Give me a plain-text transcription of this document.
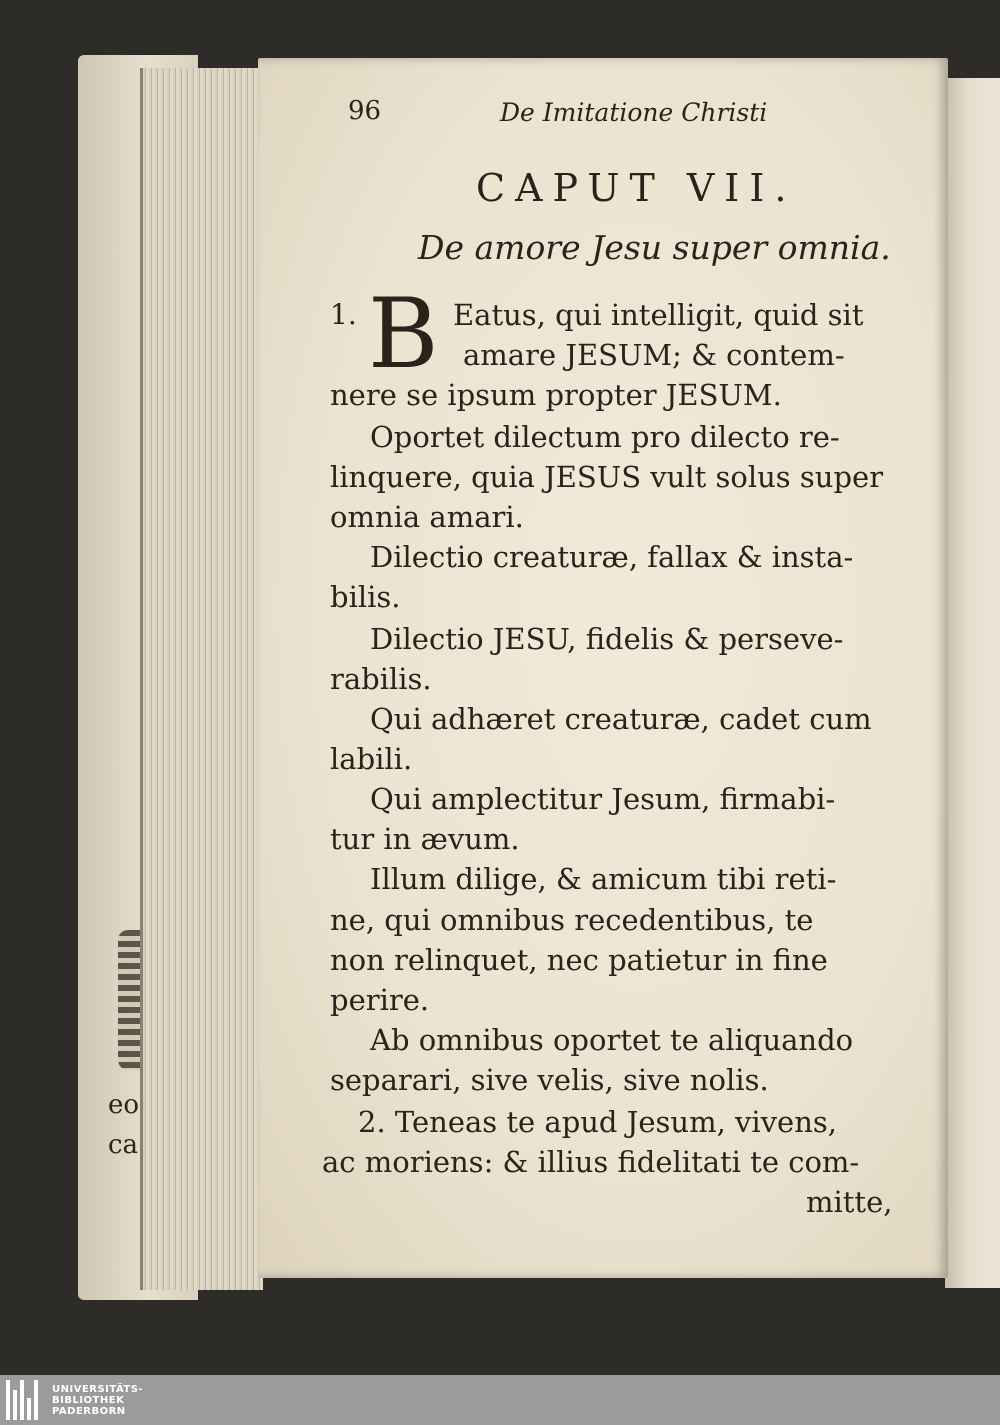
eo
ca
96	De Imitatione Christi
CAPUT VII.
De amore Jesu super omnia.
1. B Eatus, qui intelligit, quid sit
amare JESUM; & contem-
nere se ipsum propter JESUM.
Oportet dilectum pro dilecto re-
linquere, quia JESUS vult solus super
omnia amari.
Dilectio creaturæ, fallax & insta-
bilis.
Dilectio JESU, fidelis & perseve-
rabilis.
Qui adhæret creaturæ, cadet cum
labili.
Qui amplectitur Jesum, firmabi-
tur in ævum.
Illum dilige, & amicum tibi reti-
ne, qui omnibus recedentibus, te
non relinquet, nec patietur in fine
perire.
Ab omnibus oportet te aliquando
separari, sive velis, sive nolis.
2. Teneas te apud Jesum, vivens,
ac moriens: & illius fidelitati te com-
mitte,
UNIVERSITÄTS-
BIBLIOTHEK
PADERBORN
